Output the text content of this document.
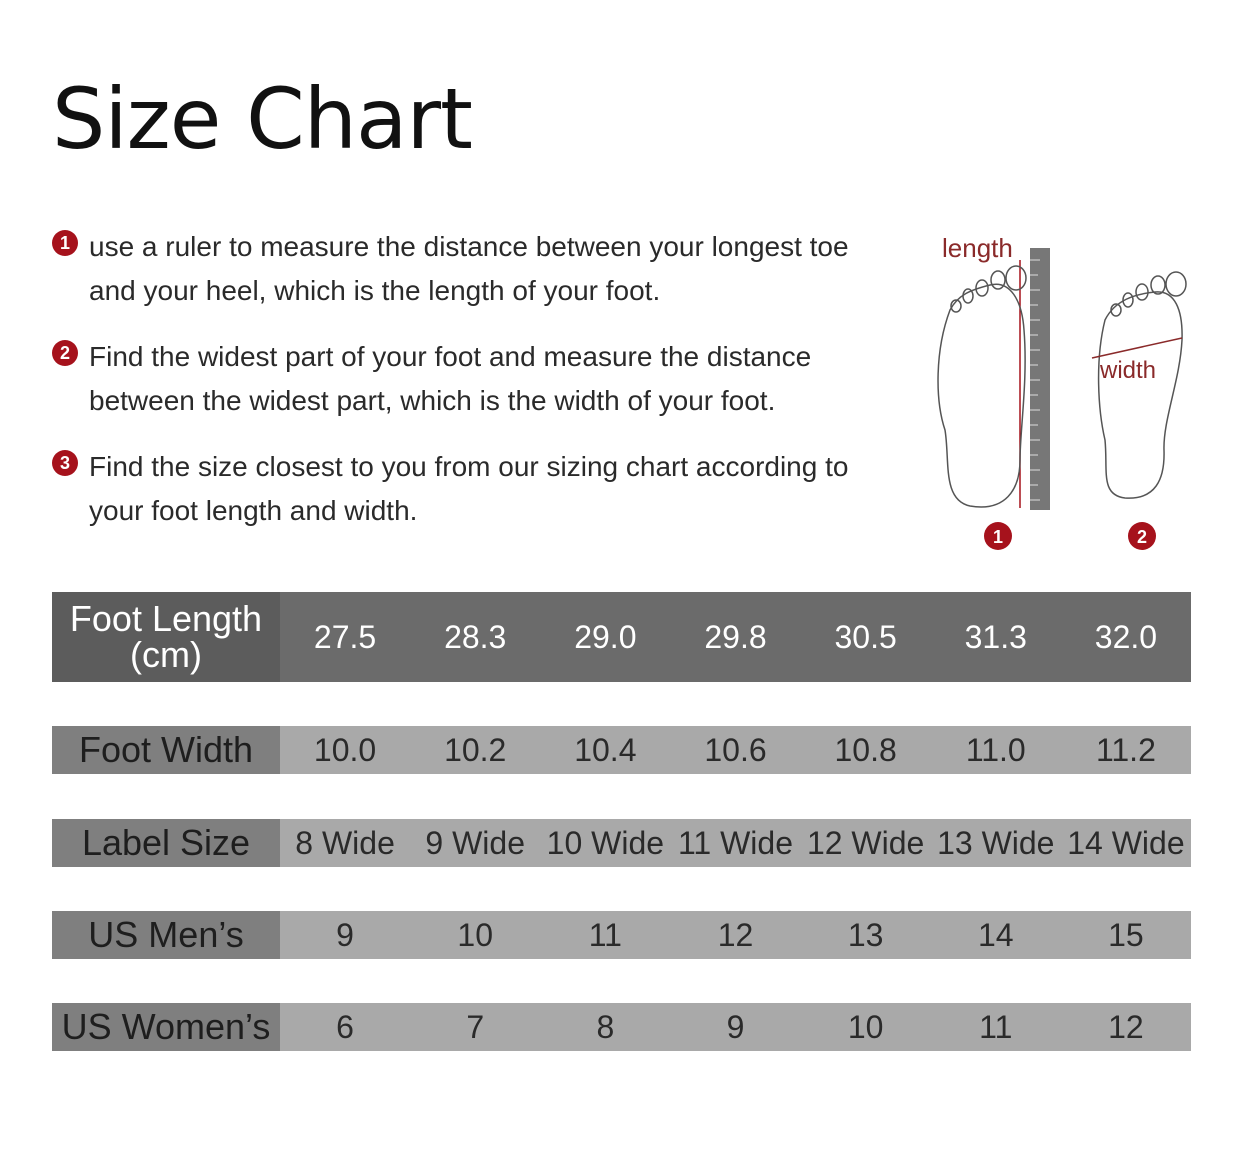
Size Chart
1 use a ruler to measure the distance between your longest toe and your heel, which is the length of your foot.
2 Find the widest part of your foot and measure the distance between the widest part, which is the width of your foot.
3 Find the size closest to you from our sizing chart according to your foot length and width.
length
width
1	2
Foot Length (cm)	27.5	28.3	29.0	29.8	30.5	31.3	32.0
Foot Width	10.0	10.2	10.4	10.6	10.8	11.0	11.2
Label Size	8 Wide 9 Wide 10 Wide 11 Wide 12 Wide 13 Wide 14 Wide
US Men’s	9	10	11	12	13	14	15
US Women’s	6	7	8	9	10	11	12
